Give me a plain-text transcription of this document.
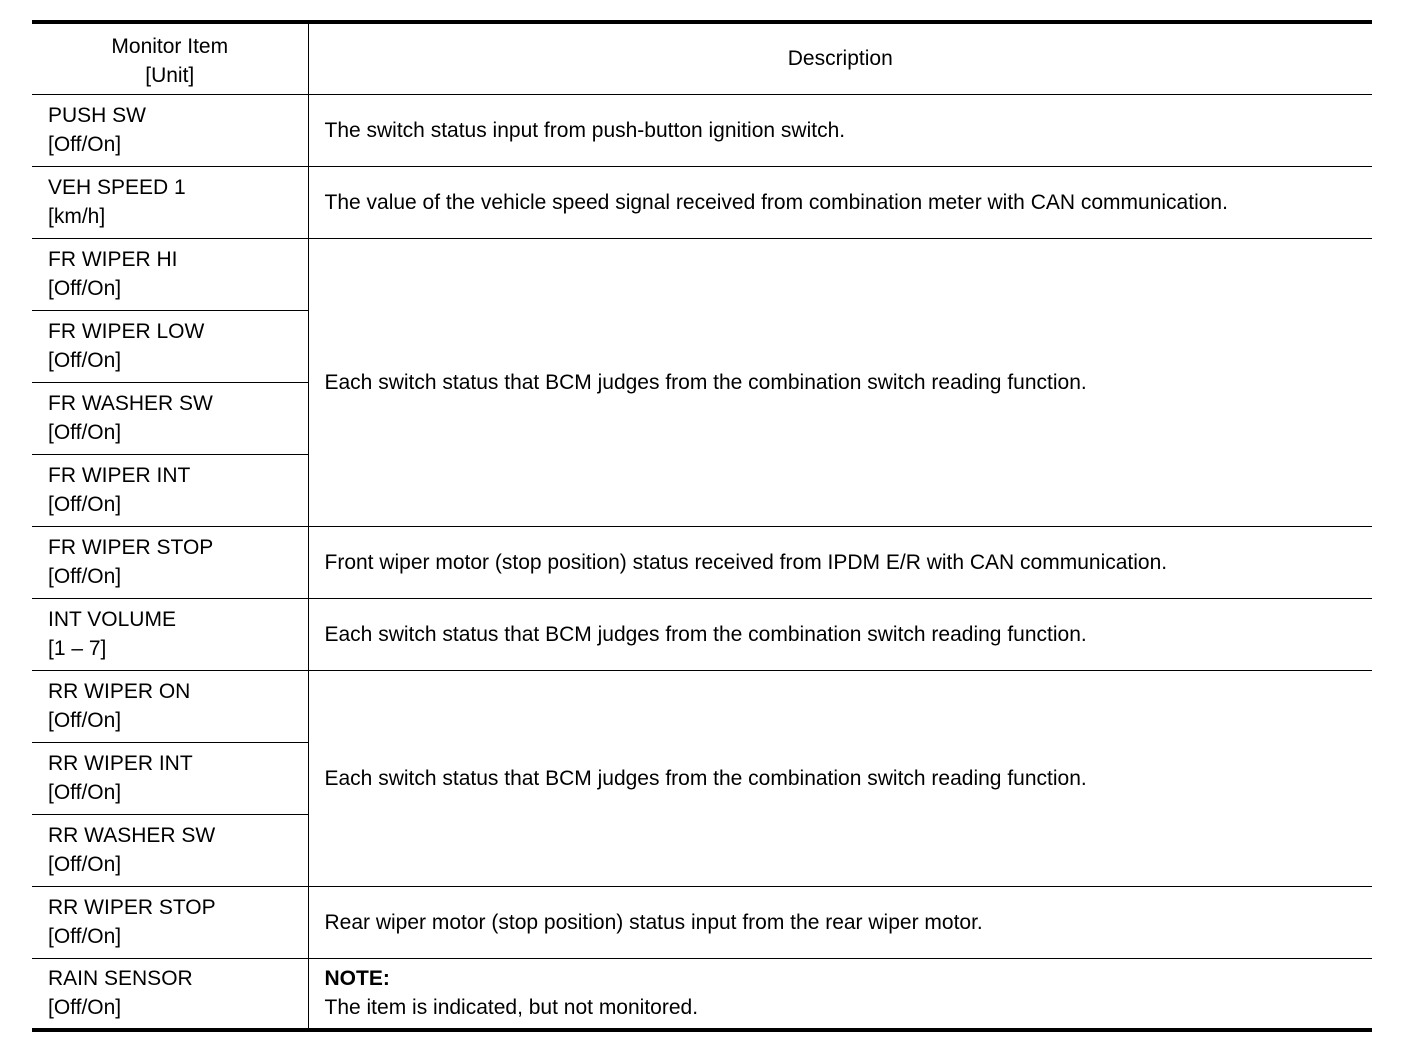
Monitor Item
[Unit]	Description

PUSH SW
[Off/On]	The switch status input from push-button ignition switch.

VEH SPEED 1
[km/h]	The value of the vehicle speed signal received from combination meter with CAN communication.

FR WIPER HI
[Off/On]	Each switch status that BCM judges from the combination switch reading function.

FR WIPER LOW
[Off/On]	

FR WASHER SW
[Off/On]	

FR WIPER INT
[Off/On]	

FR WIPER STOP
[Off/On]	Front wiper motor (stop position) status received from IPDM E/R with CAN communication.

INT VOLUME
[1 – 7]	Each switch status that BCM judges from the combination switch reading function.

RR WIPER ON
[Off/On]	Each switch status that BCM judges from the combination switch reading function.

RR WIPER INT
[Off/On]	

RR WASHER SW
[Off/On]	

RR WIPER STOP
[Off/On]	Rear wiper motor (stop position) status input from the rear wiper motor.

RAIN SENSOR
[Off/On]	NOTE:
The item is indicated, but not monitored.
